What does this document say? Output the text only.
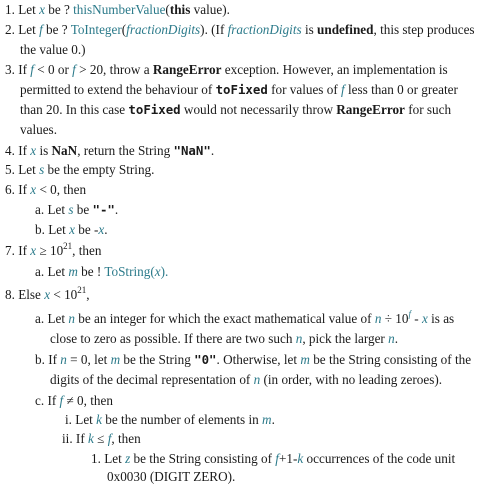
1. Let x be ? thisNumberValue(this value).
2. Let f be ? ToInteger(fractionDigits). (If fractionDigits is undefined, this step produces
the value 0.)
3. If f < 0 or f > 20, throw a RangeError exception. However, an implementation is
permitted to extend the behaviour of toFixed for values of f less than 0 or greater
than 20. In this case toFixed would not necessarily throw RangeError for such
values.
4. If x is NaN, return the String "NaN".
5. Let s be the empty String.
6. If x < 0, then
a. Let s be "-".
b. Let x be -x.
7. If $x \ge 10^{21}$, then
a. Let m be ! ToString(x).
8. Else $x < 10^{21}$,
a. Let n be an integer for which the exact mathematical value of $n \div 10^f - x$ is as
close to zero as possible. If there are two such n, pick the larger n.
b. If n = 0, let m be the String "0". Otherwise, let m be the String consisting of the
digits of the decimal representation of n (in order, with no leading zeroes).
c. If f ≠ 0, then
i. Let k be the number of elements in m.
ii. If k ≤ f, then
1. Let z be the String consisting of f+1-k occurrences of the code unit
0x0030 (DIGIT ZERO).
